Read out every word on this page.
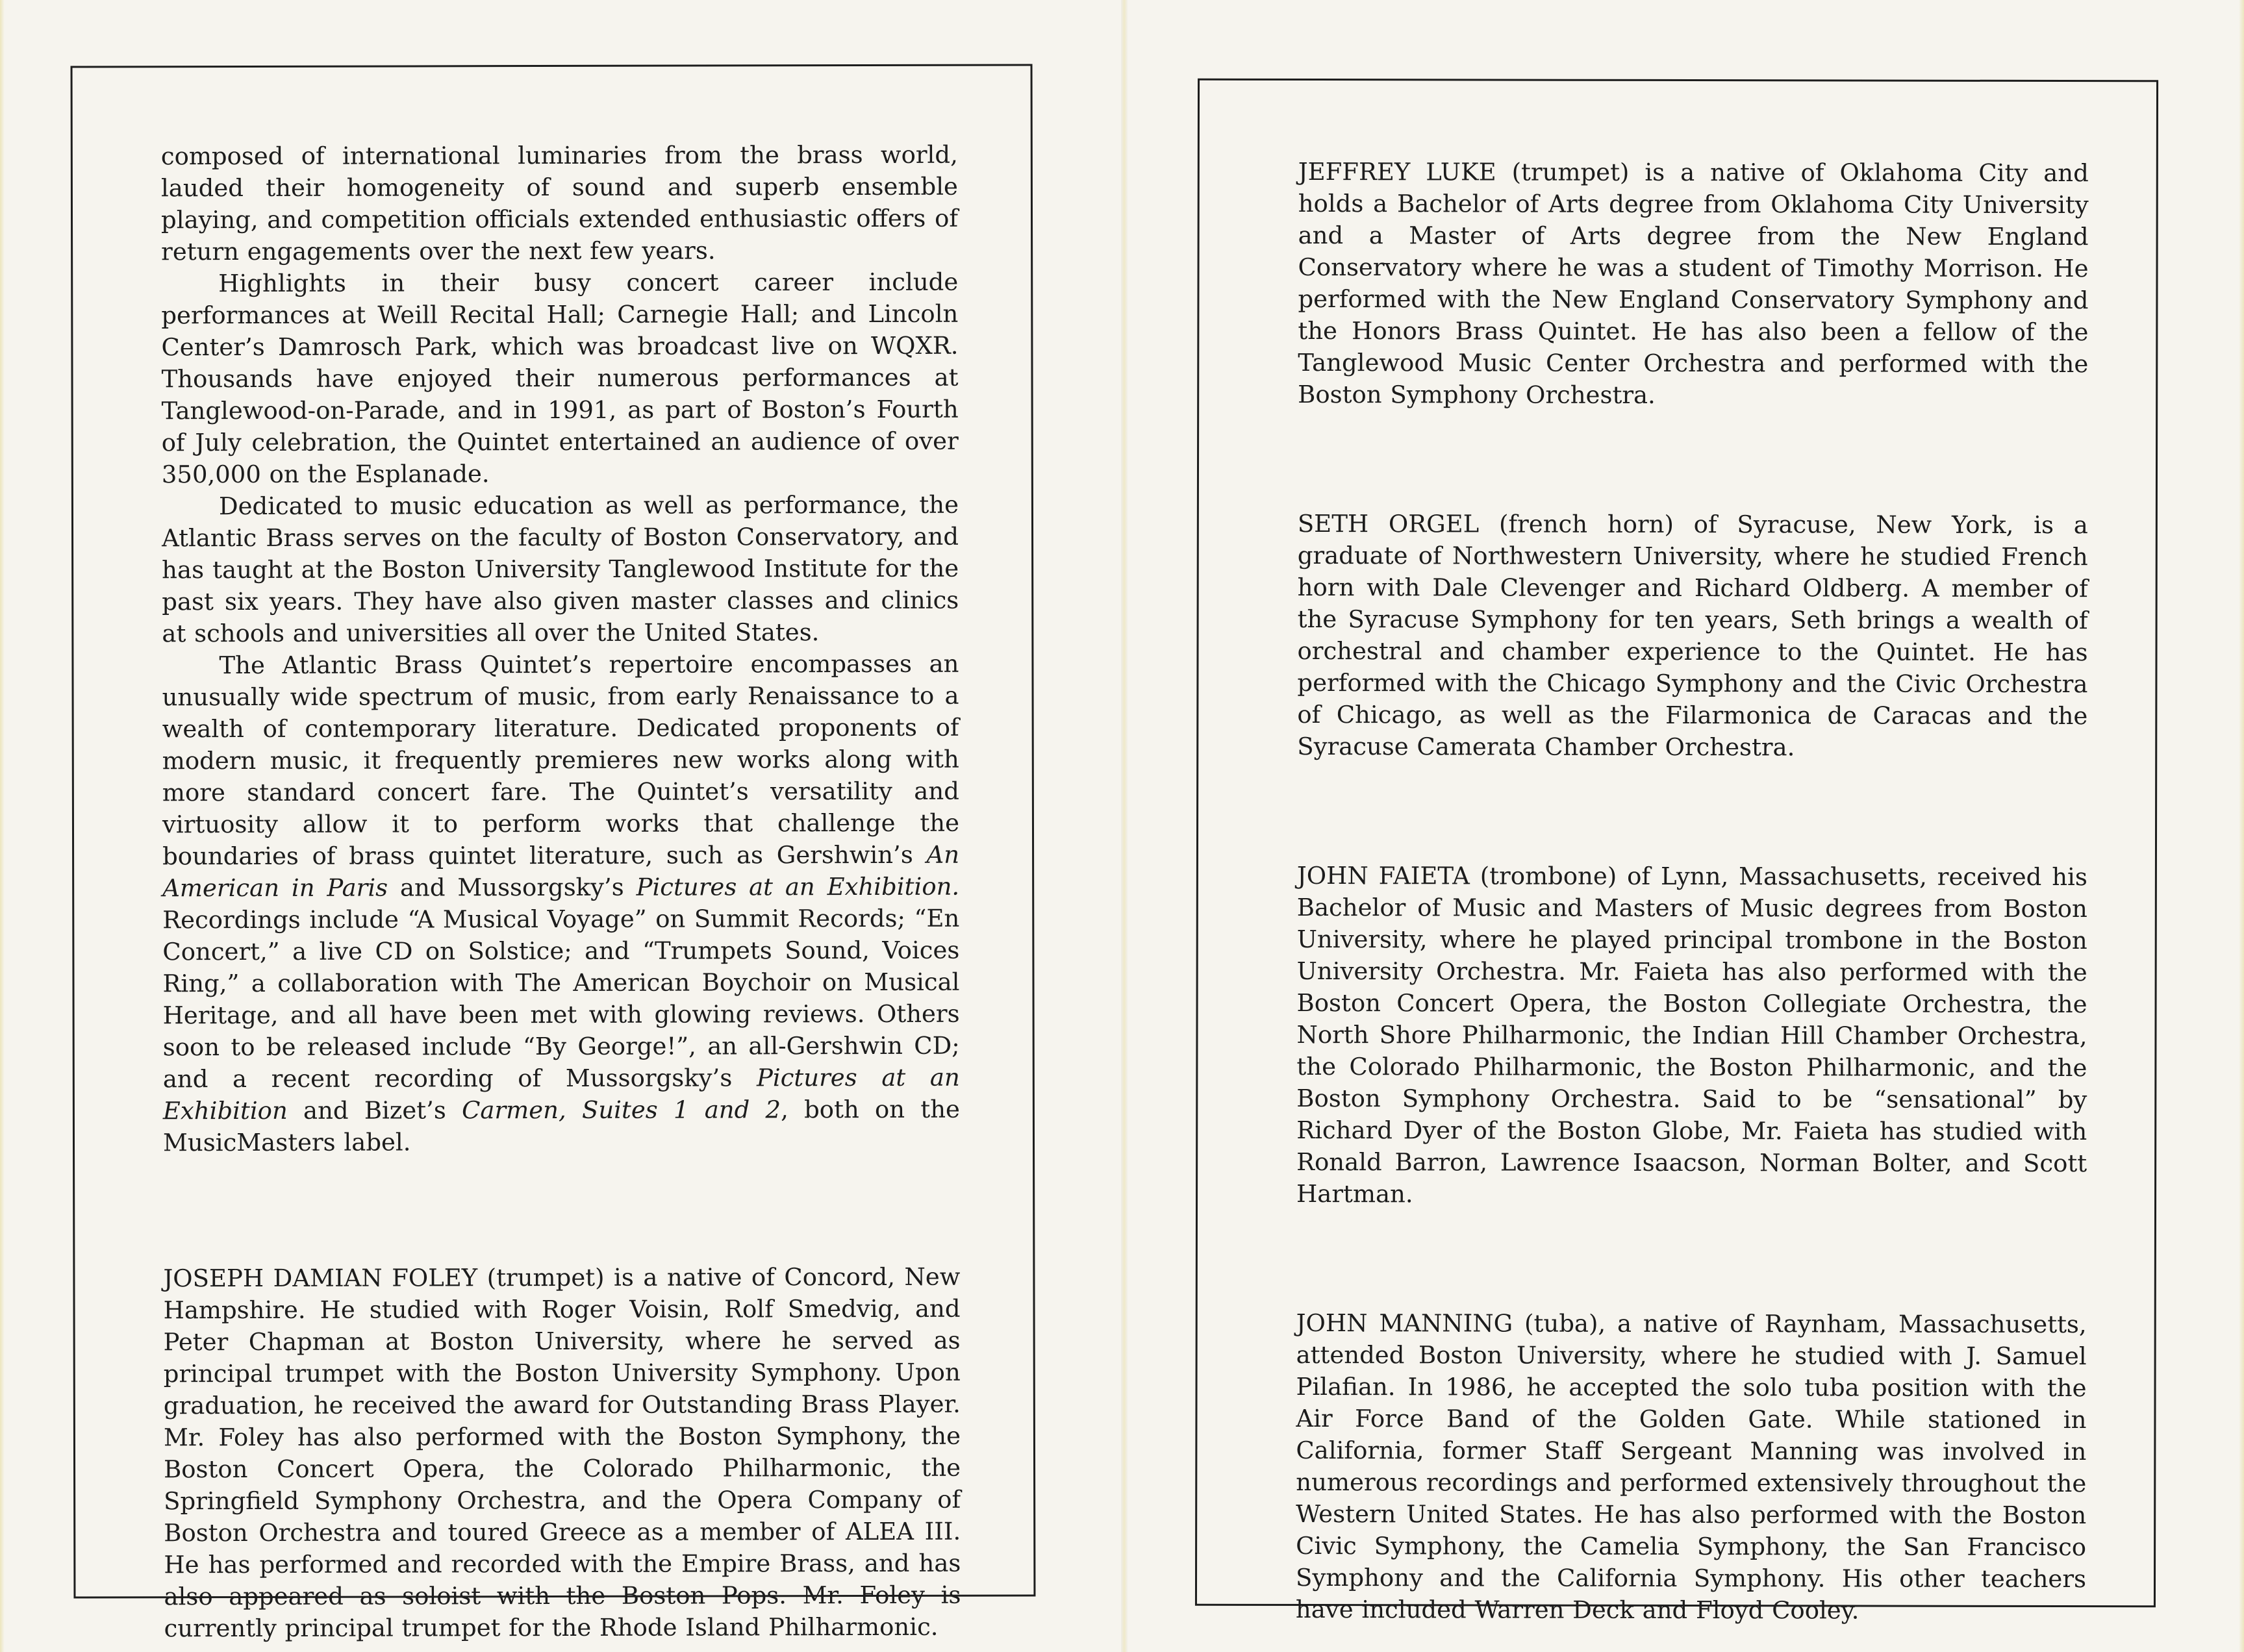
composed of international luminaries from the brass world, lauded their homogeneity of sound and superb ensemble playing, and competition officials extended enthusiastic offers of return engagements over the next few years.

Highlights in their busy concert career include performances at Weill Recital Hall; Carnegie Hall; and Lincoln Center’s Damrosch Park, which was broadcast live on WQXR. Thousands have enjoyed their numerous performances at Tanglewood-on-Parade, and in 1991, as part of Boston’s Fourth of July celebration, the Quintet entertained an audience of over 350,000 on the Esplanade.

Dedicated to music education as well as performance, the Atlantic Brass serves on the faculty of Boston Conservatory, and has taught at the Boston University Tanglewood Institute for the past six years. They have also given master classes and clinics at schools and universities all over the United States.

The Atlantic Brass Quintet’s repertoire encompasses an unusually wide spectrum of music, from early Renaissance to a wealth of contemporary literature. Dedicated proponents of modern music, it frequently premieres new works along with more standard concert fare. The Quintet’s versatility and virtuosity allow it to perform works that challenge the boundaries of brass quintet literature, such as Gershwin’s An American in Paris and Mussorgsky’s Pictures at an Exhibition. Recordings include “A Musical Voyage” on Summit Records; “En Concert,” a live CD on Solstice; and “Trumpets Sound, Voices Ring,” a collaboration with The American Boychoir on Musical Heritage, and all have been met with glowing reviews. Others soon to be released include “By George!”, an all-Gershwin CD; and a recent recording of Mussorgsky’s Pictures at an Exhibition and Bizet’s Carmen, Suites 1 and 2, both on the MusicMasters label.

JOSEPH DAMIAN FOLEY (trumpet) is a native of Concord, New Hampshire. He studied with Roger Voisin, Rolf Smedvig, and Peter Chapman at Boston University, where he served as principal trumpet with the Boston University Symphony. Upon graduation, he received the award for Outstanding Brass Player. Mr. Foley has also performed with the Boston Symphony, the Boston Concert Opera, the Colorado Philharmonic, the Springfield Symphony Orchestra, and the Opera Company of Boston Orchestra and toured Greece as a member of ALEA III. He has performed and recorded with the Empire Brass, and has also appeared as soloist with the Boston Pops. Mr. Foley is currently principal trumpet for the Rhode Island Philharmonic.

JEFFREY LUKE (trumpet) is a native of Oklahoma City and holds a Bachelor of Arts degree from Oklahoma City University and a Master of Arts degree from the New England Conservatory where he was a student of Timothy Morrison. He performed with the New England Conservatory Symphony and the Honors Brass Quintet. He has also been a fellow of the Tanglewood Music Center Orchestra and performed with the Boston Symphony Orchestra.

SETH ORGEL (french horn) of Syracuse, New York, is a graduate of Northwestern University, where he studied French horn with Dale Clevenger and Richard Oldberg. A member of the Syracuse Symphony for ten years, Seth brings a wealth of orchestral and chamber experience to the Quintet. He has performed with the Chicago Symphony and the Civic Orchestra of Chicago, as well as the Filarmonica de Caracas and the Syracuse Camerata Chamber Orchestra.

JOHN FAIETA (trombone) of Lynn, Massachusetts, received his Bachelor of Music and Masters of Music degrees from Boston University, where he played principal trombone in the Boston University Orchestra. Mr. Faieta has also performed with the Boston Concert Opera, the Boston Collegiate Orchestra, the North Shore Philharmonic, the Indian Hill Chamber Orchestra, the Colorado Philharmonic, the Boston Philharmonic, and the Boston Symphony Orchestra. Said to be “sensational” by Richard Dyer of the Boston Globe, Mr. Faieta has studied with Ronald Barron, Lawrence Isaacson, Norman Bolter, and Scott Hartman.

JOHN MANNING (tuba), a native of Raynham, Massachusetts, attended Boston University, where he studied with J. Samuel Pilafian. In 1986, he accepted the solo tuba position with the Air Force Band of the Golden Gate. While stationed in California, former Staff Sergeant Manning was involved in numerous recordings and performed extensively throughout the Western United States. He has also performed with the Boston Civic Symphony, the Camelia Symphony, the San Francisco Symphony and the California Symphony. His other teachers have included Warren Deck and Floyd Cooley.
